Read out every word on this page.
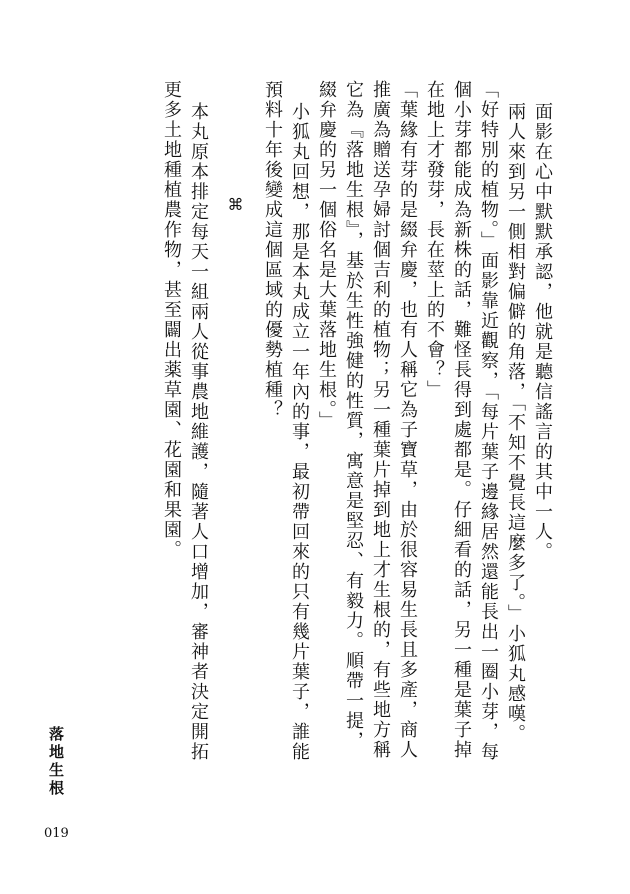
面影在心中默默承認，他就是聽信謠言的其中一人。

兩人來到另一側相對偏僻的角落，「不知不覺長這麼多了。」小狐丸感嘆。

「好特別的植物。」面影靠近觀察，「每片葉子邊緣居然還能長出一圈小芽，每個小芽都能成為新株的話，難怪長得到處都是。仔細看的話，另一種是葉子掉在地上才發芽，長在莖上的不會？」

「葉緣有芽的是綴弁慶，也有人稱它為子寶草，由於很容易生長且多產，商人推廣為贈送孕婦討個吉利的植物；另一種葉片掉到地上才生根的，有些地方稱它為『落地生根』，基於生性強健的性質，寓意是堅忍、有毅力。順帶一提，綴弁慶的另一個俗名是大葉落地生根。」

小狐丸回想，那是本丸成立一年內的事，最初帶回來的只有幾片葉子，誰能預料十年後變成這個區域的優勢植種？

⌘

本丸原本排定每天一組兩人從事農地維護，隨著人口增加，審神者決定開拓更多土地種植農作物，甚至闢出薬草園、花園和果園。

落地生根
019
